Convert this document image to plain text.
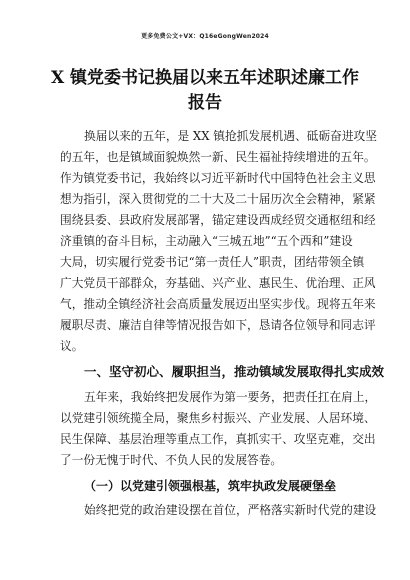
更多免费公文+VX：Q16eGongWen2024
X 镇党委书记换届以来五年述职述廉工作
报告
换届以来的五年，是 XX 镇抢抓发展机遇、砥砺奋进攻坚
的五年，也是镇域面貌焕然一新、民生福祉持续增进的五年。
作为镇党委书记，我始终以习近平新时代中国特色社会主义思
想为指引，深入贯彻党的二十大及二十届历次全会精神，紧紧
围绕县委、县政府发展部署，锚定建设西成经贸交通枢纽和经
济重镇的奋斗目标，主动融入“三城五地”“五个西和”建设
大局，切实履行党委书记“第一责任人”职责，团结带领全镇
广大党员干部群众，夯基础、兴产业、惠民生、优治理、正风
气，推动全镇经济社会高质量发展迈出坚实步伐。现将五年来
履职尽责、廉洁自律等情况报告如下，恳请各位领导和同志评
议。
一、坚守初心、履职担当，推动镇域发展取得扎实成效
五年来，我始终把发展作为第一要务，把责任扛在肩上，
以党建引领统揽全局，聚焦乡村振兴、产业发展、人居环境、
民生保障、基层治理等重点工作，真抓实干、攻坚克难，交出
了一份无愧于时代、不负人民的发展答卷。
（一）以党建引领强根基，筑牢执政发展硬堡垒
始终把党的政治建设摆在首位，严格落实新时代党的建设
